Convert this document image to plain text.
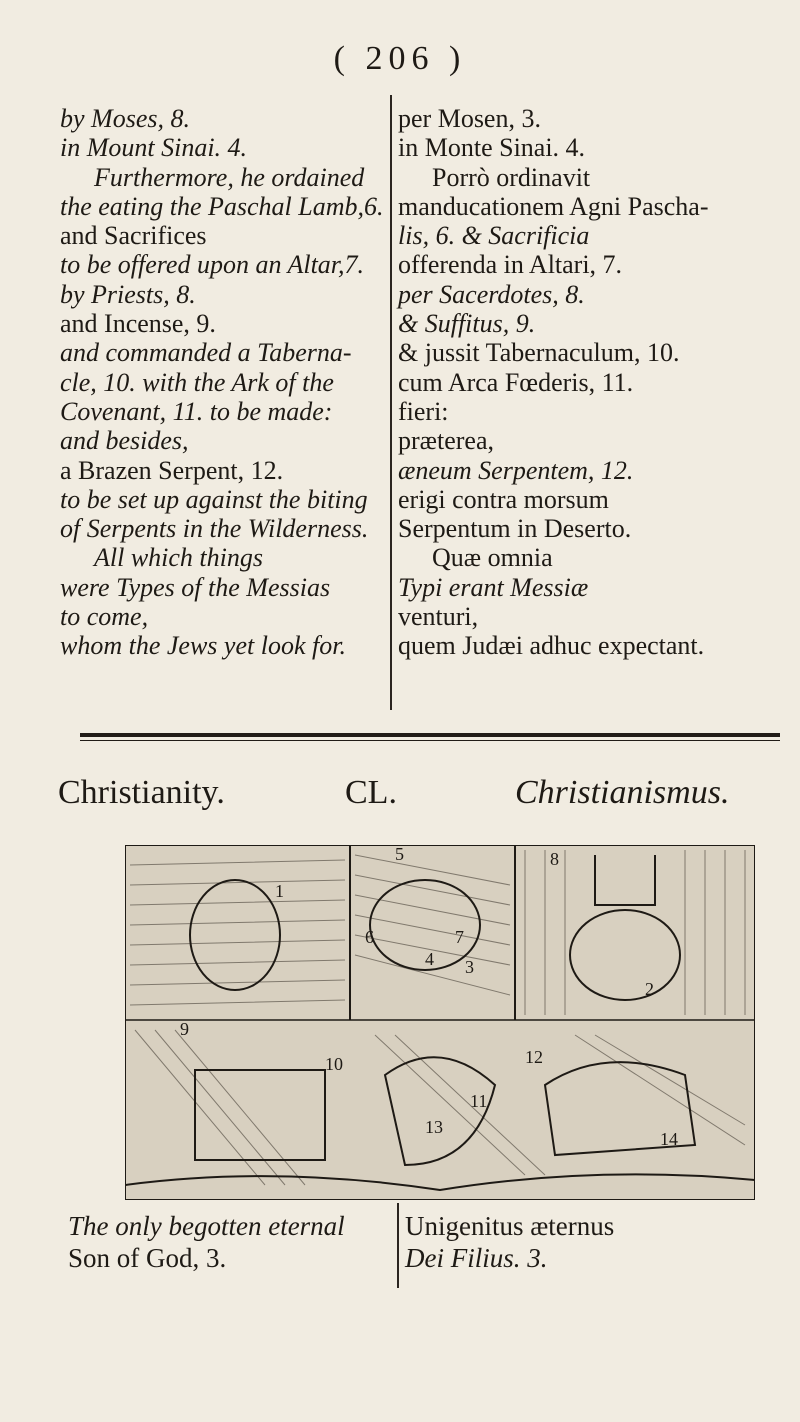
( 206 )
by Moses, 8.
in Mount Sinai. 4.
Furthermore, he ordained
the eating the Paschal Lamb,6.
and Sacrifices
to be offered upon an Altar,7.
by Priests, 8.
and Incense, 9.
and commanded a Taberna-
cle, 10. with the Ark of the
Covenant, 11. to be made:
and besides,
a Brazen Serpent, 12.
to be set up against the biting
of Serpents in the Wilderness.
All which things
were Types of the Messias
to come,
whom the Jews yet look for.
per Mosen, 3.
in Monte Sinai. 4.
Porrò ordinavit
manducationem Agni Pascha-
lis, 6. & Sacrificia
offerenda in Altari, 7.
per Sacerdotes, 8.
& Suffitus, 9.
& jussit Tabernaculum, 10.
cum Arca Fœderis, 11.
fieri:
præterea,
æneum Serpentem, 12.
erigi contra morsum
Serpentum in Deserto.
Quæ omnia
Typi erant Messiæ
venturi,
quem Judæi adhuc expectant.
Christianity.	CL.	Christianismus.
1
2
3
4
5
6	7
8
9
10
11
12
13
14
The only begotten eternal
Son of God, 3.
Unigenitus æternus
Dei Filius. 3.
